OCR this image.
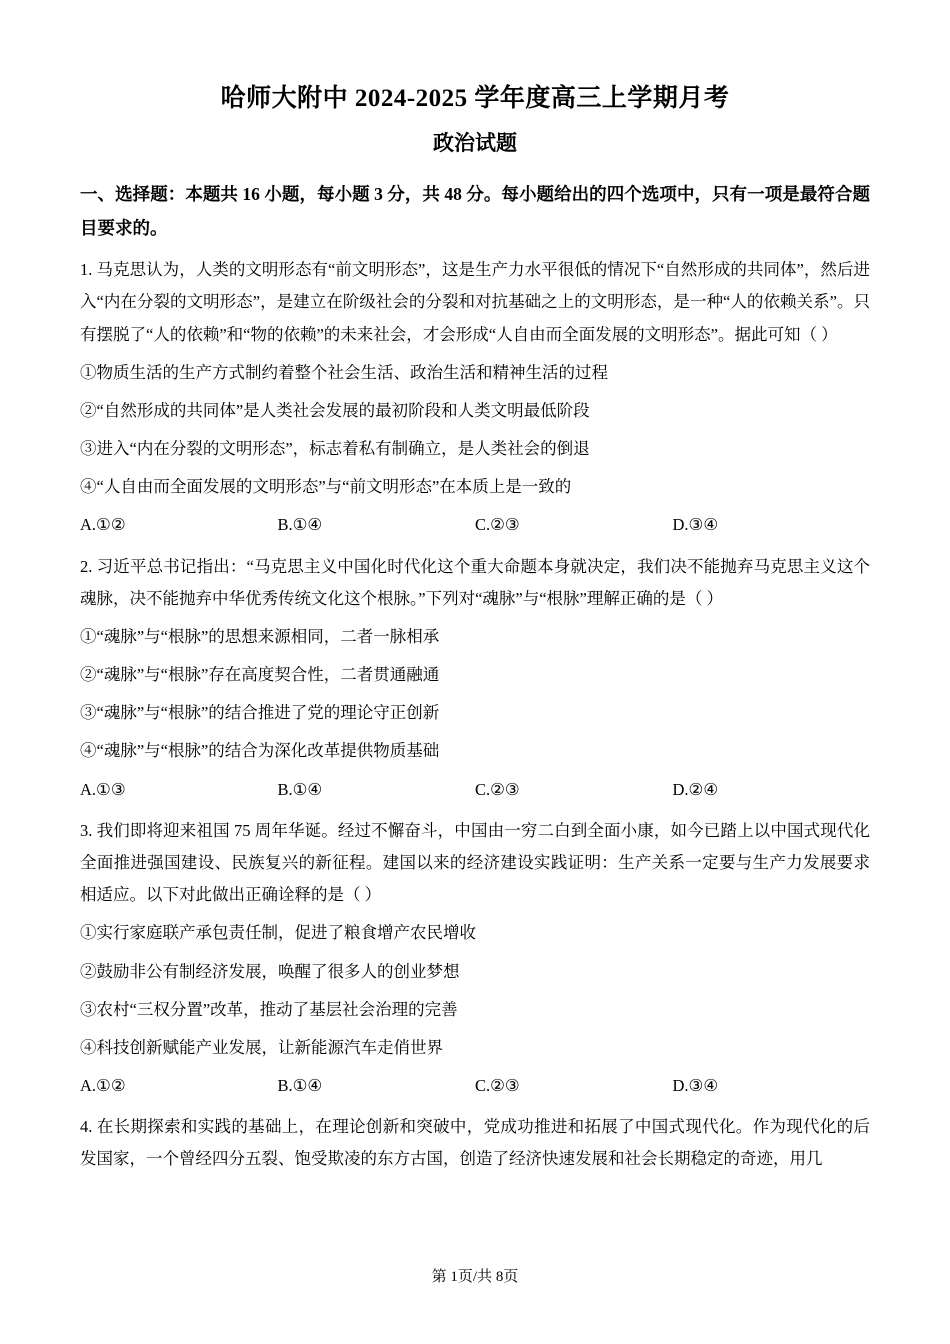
哈师大附中 2024-2025 学年度高三上学期月考
政治试题
一、选择题：本题共 16 小题，每小题 3 分，共 48 分。每小题给出的四个选项中，只有一项是最符合题目要求的。
1. 马克思认为，人类的文明形态有“前文明形态”，这是生产力水平很低的情况下“自然形成的共同体”，然后进入“内在分裂的文明形态”，是建立在阶级社会的分裂和对抗基础之上的文明形态，是一种“人的依赖关系”。只有摆脱了“人的依赖”和“物的依赖”的未来社会，才会形成“人自由而全面发展的文明形态”。据此可知（ ）
①物质生活的生产方式制约着整个社会生活、政治生活和精神生活的过程
②“自然形成的共同体”是人类社会发展的最初阶段和人类文明最低阶段
③进入“内在分裂的文明形态”，标志着私有制确立，是人类社会的倒退
④“人自由而全面发展的文明形态”与“前文明形态”在本质上是一致的
A.①②	B.①④	C.②③	D.③④
2. 习近平总书记指出：“马克思主义中国化时代化这个重大命题本身就决定，我们决不能抛弃马克思主义这个魂脉，决不能抛弃中华优秀传统文化这个根脉。”下列对“魂脉”与“根脉”理解正确的是（ ）
①“魂脉”与“根脉”的思想来源相同，二者一脉相承
②“魂脉”与“根脉”存在高度契合性，二者贯通融通
③“魂脉”与“根脉”的结合推进了党的理论守正创新
④“魂脉”与“根脉”的结合为深化改革提供物质基础
A.①③	B.①④	C.②③	D.②④
3. 我们即将迎来祖国 75 周年华诞。经过不懈奋斗，中国由一穷二白到全面小康，如今已踏上以中国式现代化全面推进强国建设、民族复兴的新征程。建国以来的经济建设实践证明：生产关系一定要与生产力发展要求相适应。以下对此做出正确诠释的是（ ）
①实行家庭联产承包责任制，促进了粮食增产农民增收
②鼓励非公有制经济发展，唤醒了很多人的创业梦想
③农村“三权分置”改革，推动了基层社会治理的完善
④科技创新赋能产业发展，让新能源汽车走俏世界
A.①②	B.①④	C.②③	D.③④
4. 在长期探索和实践的基础上，在理论创新和突破中，党成功推进和拓展了中国式现代化。作为现代化的后发国家，一个曾经四分五裂、饱受欺凌的东方古国，创造了经济快速发展和社会长期稳定的奇迹，用几
第 1页/共 8页
